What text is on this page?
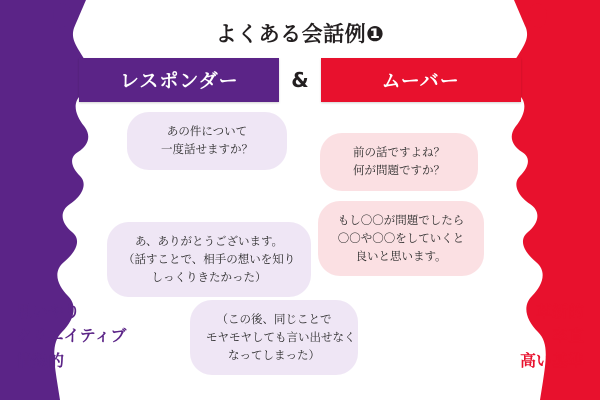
よくある会話例❶
レスポンダー	&	ムーバー
あの件について
一度話せますか？
あ、ありがとうございます。
（話すことで、相手の想いを知り
しっくりきたかった）
（この後、同じことで
モヤモヤしても言い出せなく
なってしまった）
前の話ですよね？
何が問題ですか？
もし〇〇が問題でしたら
〇〇や〇〇をしていくと
良いと思います。
思いやり
クリエイティブ
情熱的
革新的
率直
高い基準
